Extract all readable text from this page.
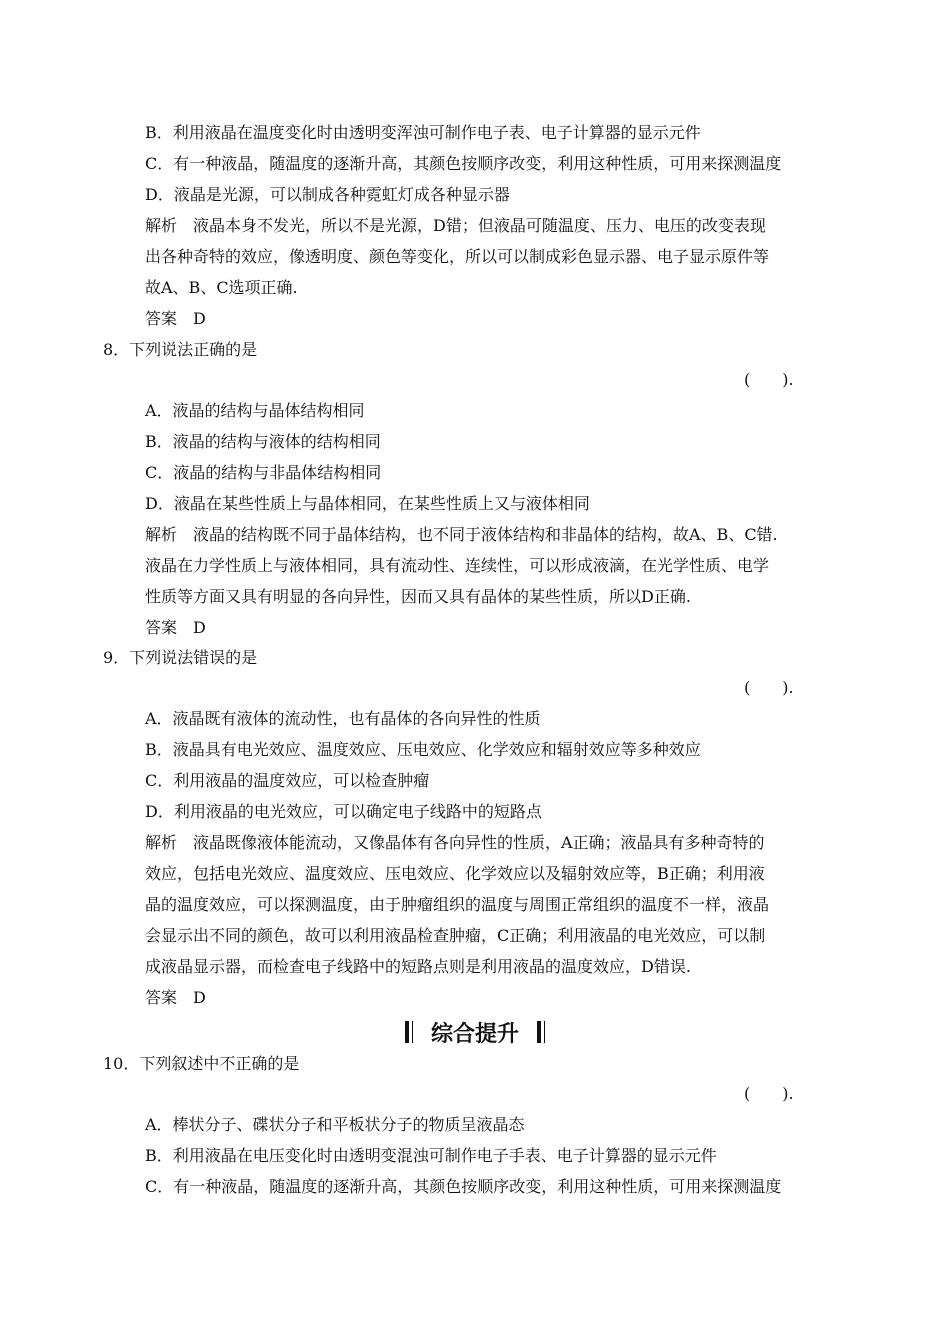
B．利用液晶在温度变化时由透明变浑浊可制作电子表、电子计算器的显示元件
C．有一种液晶，随温度的逐渐升高，其颜色按顺序改变，利用这种性质，可用来探测温度
D．液晶是光源，可以制成各种霓虹灯成各种显示器
解析　液晶本身不发光，所以不是光源，D错；但液晶可随温度、压力、电压的改变表现
出各种奇特的效应，像透明度、颜色等变化，所以可以制成彩色显示器、电子显示原件等
故A、B、C选项正确.
答案　D
8．下列说法正确的是
(　　).
A．液晶的结构与晶体结构相同
B．液晶的结构与液体的结构相同
C．液晶的结构与非晶体结构相同
D．液晶在某些性质上与晶体相同，在某些性质上又与液体相同
解析　液晶的结构既不同于晶体结构，也不同于液体结构和非晶体的结构，故A、B、C错.
液晶在力学性质上与液体相同，具有流动性、连续性，可以形成液滴，在光学性质、电学
性质等方面又具有明显的各向异性，因而又具有晶体的某些性质，所以D正确.
答案　D
9．下列说法错误的是
(　　).
A．液晶既有液体的流动性，也有晶体的各向异性的性质
B．液晶具有电光效应、温度效应、压电效应、化学效应和辐射效应等多种效应
C．利用液晶的温度效应，可以检查肿瘤
D．利用液晶的电光效应，可以确定电子线路中的短路点
解析　液晶既像液体能流动，又像晶体有各向异性的性质，A正确；液晶具有多种奇特的
效应，包括电光效应、温度效应、压电效应、化学效应以及辐射效应等，B正确；利用液
晶的温度效应，可以探测温度，由于肿瘤组织的温度与周围正常组织的温度不一样，液晶
会显示出不同的颜色，故可以利用液晶检查肿瘤，C正确；利用液晶的电光效应，可以制
成液晶显示器，而检查电子线路中的短路点则是利用液晶的温度效应，D错误.
答案　D
综合提升
10．下列叙述中不正确的是
(　　).
A．棒状分子、碟状分子和平板状分子的物质呈液晶态
B．利用液晶在电压变化时由透明变混浊可制作电子手表、电子计算器的显示元件
C．有一种液晶，随温度的逐渐升高，其颜色按顺序改变，利用这种性质，可用来探测温度
